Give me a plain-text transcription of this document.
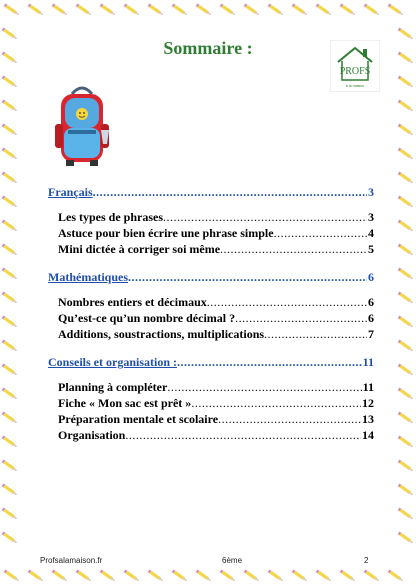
Sommaire :
PROFS
à la maison
Français .....	3
Les types de phrases .....	3
Astuce pour bien écrire une phrase simple .....	4
Mini dictée à corriger soi même .....	5
Mathématiques .....	6
Nombres entiers et décimaux .....	6
Qu’est-ce qu’un nombre décimal ? .....	6
Additions, soustractions, multiplications .....	7
Conseils et organisation : .....	11
Planning à compléter .....	11
Fiche « Mon sac est prêt » .....	12
Préparation mentale et scolaire .....	13
Organisation .....	14
Profsalamaison.fr	6ème	2
